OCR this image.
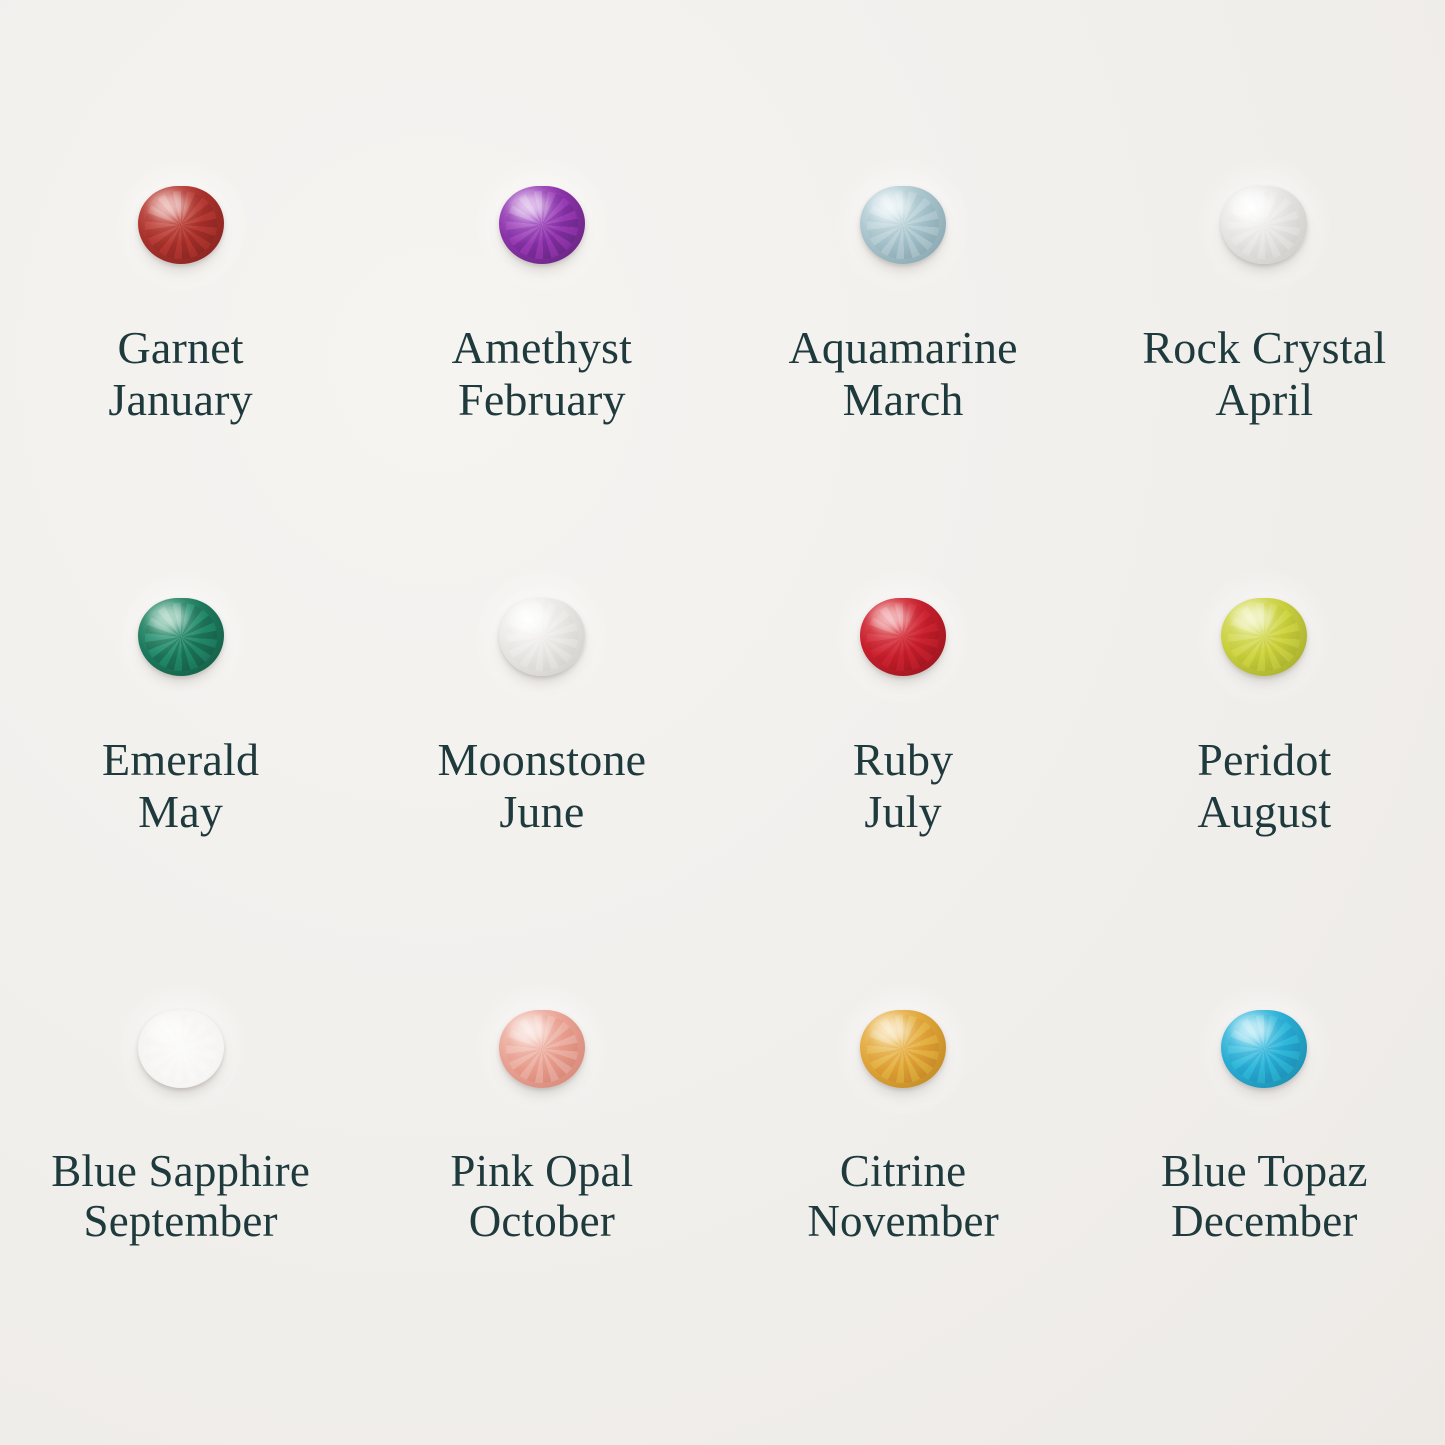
Garnet
January
Amethyst
February
Aquamarine
March
Rock Crystal
April
Emerald
May
Moonstone
June
Ruby
July
Peridot
August
Blue Sapphire
September
Pink Opal
October
Citrine
November
Blue Topaz
December
